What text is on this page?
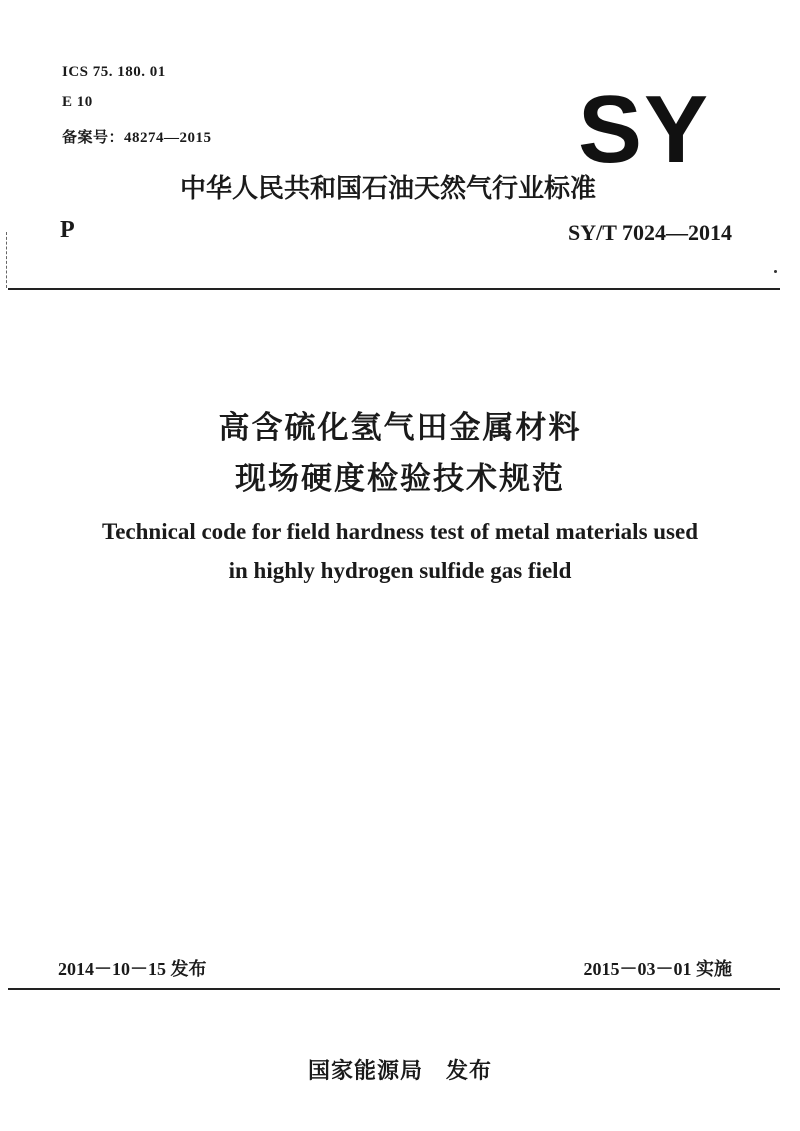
ICS 75. 180. 01
E 10
备案号：48274—2015	SY
中华人民共和国石油天然气行业标准
P	SY/T 7024—2014
高含硫化氢气田金属材料
现场硬度检验技术规范
Technical code for field hardness test of metal materials used
in highly hydrogen sulfide gas field
2014－10－15 发布	2015－03－01 实施
国家能源局　发布
